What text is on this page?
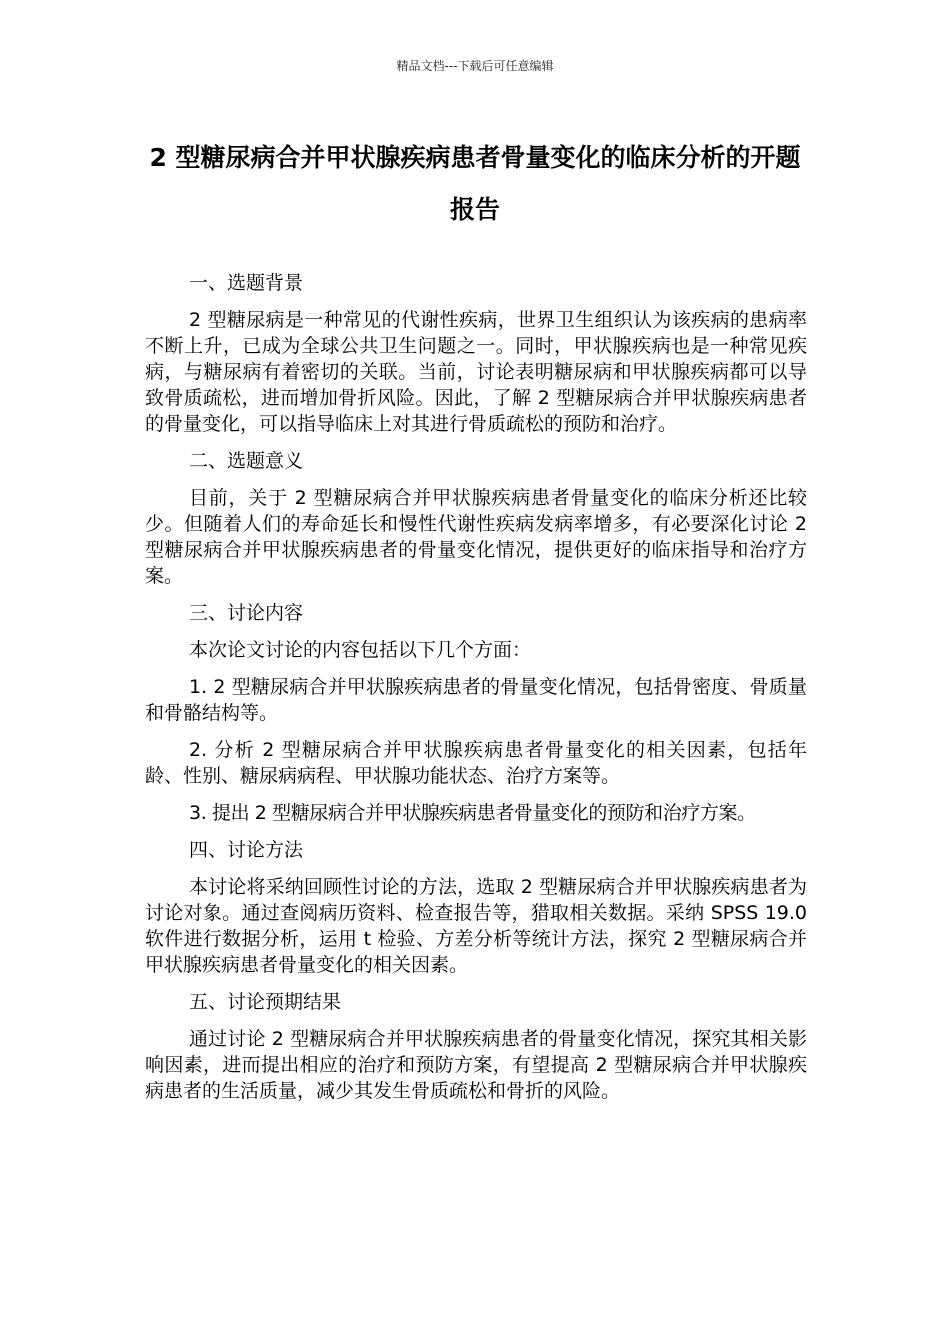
精品文档---下载后可任意编辑
2 型糖尿病合并甲状腺疾病患者骨量变化的临床分析的开题报告

一、选题背景

2 型糖尿病是一种常见的代谢性疾病，世界卫生组织认为该疾病的患病率不断上升，已成为全球公共卫生问题之一。同时，甲状腺疾病也是一种常见疾病，与糖尿病有着密切的关联。当前，讨论表明糖尿病和甲状腺疾病都可以导致骨质疏松，进而增加骨折风险。因此，了解 2 型糖尿病合并甲状腺疾病患者的骨量变化，可以指导临床上对其进行骨质疏松的预防和治疗。

二、选题意义

目前，关于 2 型糖尿病合并甲状腺疾病患者骨量变化的临床分析还比较少。但随着人们的寿命延长和慢性代谢性疾病发病率增多，有必要深化讨论 2 型糖尿病合并甲状腺疾病患者的骨量变化情况，提供更好的临床指导和治疗方案。

三、讨论内容

本次论文讨论的内容包括以下几个方面：

1. 2 型糖尿病合并甲状腺疾病患者的骨量变化情况，包括骨密度、骨质量和骨骼结构等。

2. 分析 2 型糖尿病合并甲状腺疾病患者骨量变化的相关因素，包括年龄、性别、糖尿病病程、甲状腺功能状态、治疗方案等。

3. 提出 2 型糖尿病合并甲状腺疾病患者骨量变化的预防和治疗方案。

四、讨论方法

本讨论将采纳回顾性讨论的方法，选取 2 型糖尿病合并甲状腺疾病患者为讨论对象。通过查阅病历资料、检查报告等，猎取相关数据。采纳 SPSS 19.0 软件进行数据分析，运用 t 检验、方差分析等统计方法，探究 2 型糖尿病合并甲状腺疾病患者骨量变化的相关因素。

五、讨论预期结果

通过讨论 2 型糖尿病合并甲状腺疾病患者的骨量变化情况，探究其相关影响因素，进而提出相应的治疗和预防方案，有望提高 2 型糖尿病合并甲状腺疾病患者的生活质量，减少其发生骨质疏松和骨折的风险。
